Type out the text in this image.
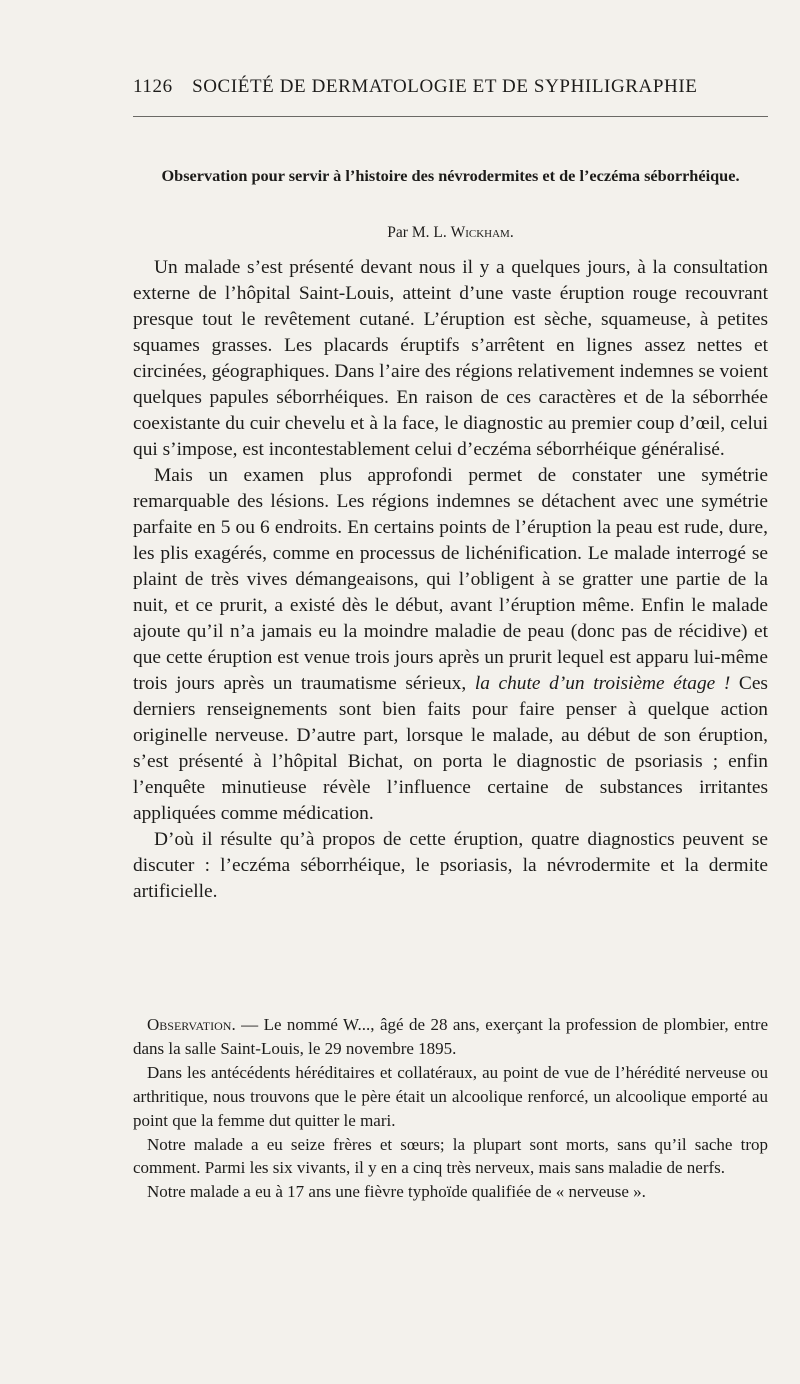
1126 SOCIÉTÉ DE DERMATOLOGIE ET DE SYPHILIGRAPHIE
Observation pour servir à l’histoire des névrodermites et de l’eczéma séborrhéique.
Par M. L. Wickham.

Un malade s’est présenté devant nous il y a quelques jours, à la consultation externe de l’hôpital Saint-Louis, atteint d’une vaste éruption rouge recouvrant presque tout le revêtement cutané. L’éruption est sèche, squameuse, à petites squames grasses. Les placards éruptifs s’arrêtent en lignes assez nettes et circinées, géographiques. Dans l’aire des régions relativement indemnes se voient quelques papules séborrhéiques. En raison de ces caractères et de la séborrhée coexistante du cuir chevelu et à la face, le diagnostic au premier coup d’œil, celui qui s’impose, est incontestablement celui d’eczéma séborrhéique généralisé.

Mais un examen plus approfondi permet de constater une symétrie remarquable des lésions. Les régions indemnes se détachent avec une symétrie parfaite en 5 ou 6 endroits. En certains points de l’éruption la peau est rude, dure, les plis exagérés, comme en processus de lichénification. Le malade interrogé se plaint de très vives démangeaisons, qui l’obligent à se gratter une partie de la nuit, et ce prurit, a existé dès le début, avant l’éruption même. Enfin le malade ajoute qu’il n’a jamais eu la moindre maladie de peau (donc pas de récidive) et que cette éruption est venue trois jours après un prurit lequel est apparu lui-même trois jours après un traumatisme sérieux, la chute d’un troisième étage ! Ces derniers renseignements sont bien faits pour faire penser à quelque action originelle nerveuse. D’autre part, lorsque le malade, au début de son éruption, s’est présenté à l’hôpital Bichat, on porta le diagnostic de psoriasis ; enfin l’enquête minutieuse révèle l’influence certaine de substances irritantes appliquées comme médication.

D’où il résulte qu’à propos de cette éruption, quatre diagnostics peuvent se discuter : l’eczéma séborrhéique, le psoriasis, la névrodermite et la dermite artificielle.

Observation. — Le nommé W..., âgé de 28 ans, exerçant la profession de plombier, entre dans la salle Saint-Louis, le 29 novembre 1895.

Dans les antécédents héréditaires et collatéraux, au point de vue de l’hérédité nerveuse ou arthritique, nous trouvons que le père était un alcoolique renforcé, un alcoolique emporté au point que la femme dut quitter le mari.

Notre malade a eu seize frères et sœurs; la plupart sont morts, sans qu’il sache trop comment. Parmi les six vivants, il y en a cinq très nerveux, mais sans maladie de nerfs.

Notre malade a eu à 17 ans une fièvre typhoïde qualifiée de « nerveuse ».
